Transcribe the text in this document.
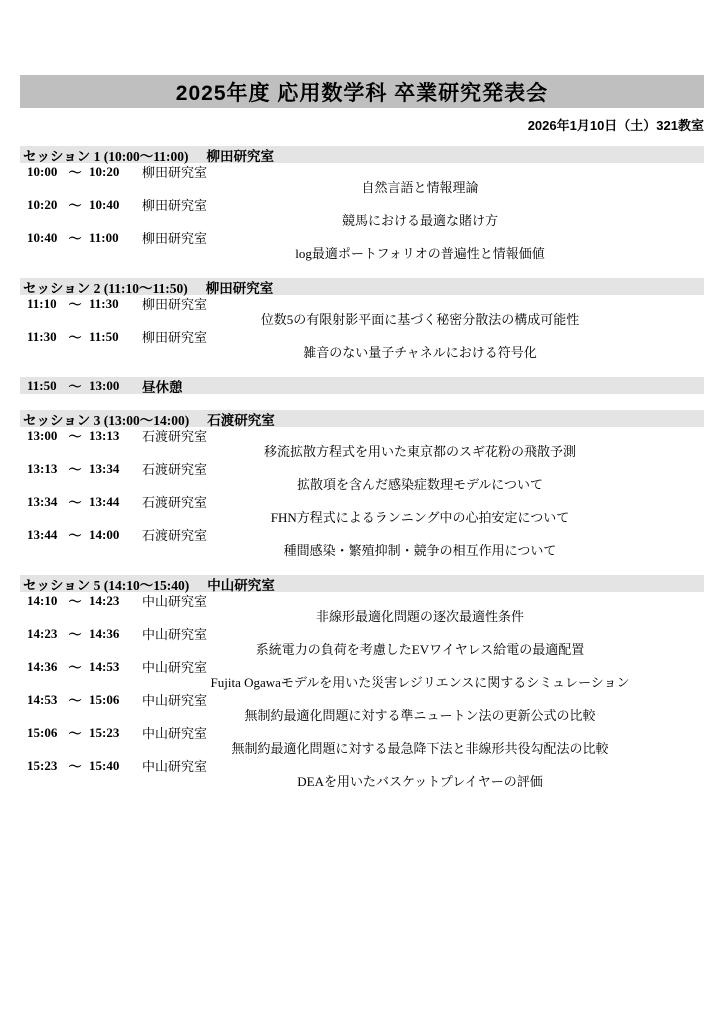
2025年度 応用数学科 卒業研究発表会
2026年1月10日（土）321教室
セッション 1 (10:00～11:00) 柳田研究室
10:00 ～ 10:20	柳田研究室
自然言語と情報理論
10:20 ～ 10:40	柳田研究室
競馬における最適な賭け方
10:40 ～ 11:00	柳田研究室
log最適ポートフォリオの普遍性と情報価値
セッション 2 (11:10～11:50) 柳田研究室
11:10 ～ 11:30	柳田研究室
位数5の有限射影平面に基づく秘密分散法の構成可能性
11:30 ～ 11:50	柳田研究室
雑音のない量子チャネルにおける符号化
11:50 ～ 13:00	昼休憩
セッション 3 (13:00～14:00) 石渡研究室
13:00 ～ 13:13	石渡研究室
移流拡散方程式を用いた東京都のスギ花粉の飛散予測
13:13 ～ 13:34	石渡研究室
拡散項を含んだ感染症数理モデルについて
13:34 ～ 13:44	石渡研究室
FHN方程式によるランニング中の心拍安定について
13:44 ～ 14:00	石渡研究室
種間感染・繁殖抑制・競争の相互作用について
セッション 5 (14:10～15:40) 中山研究室
14:10 ～ 14:23	中山研究室
非線形最適化問題の逐次最適性条件
14:23 ～ 14:36	中山研究室
系統電力の負荷を考慮したEVワイヤレス給電の最適配置
14:36 ～ 14:53	中山研究室
Fujita Ogawaモデルを用いた災害レジリエンスに関するシミュレーション
14:53 ～ 15:06	中山研究室
無制約最適化問題に対する準ニュートン法の更新公式の比較
15:06 ～ 15:23	中山研究室
無制約最適化問題に対する最急降下法と非線形共役勾配法の比較
15:23 ～ 15:40	中山研究室
DEAを用いたバスケットプレイヤーの評価
